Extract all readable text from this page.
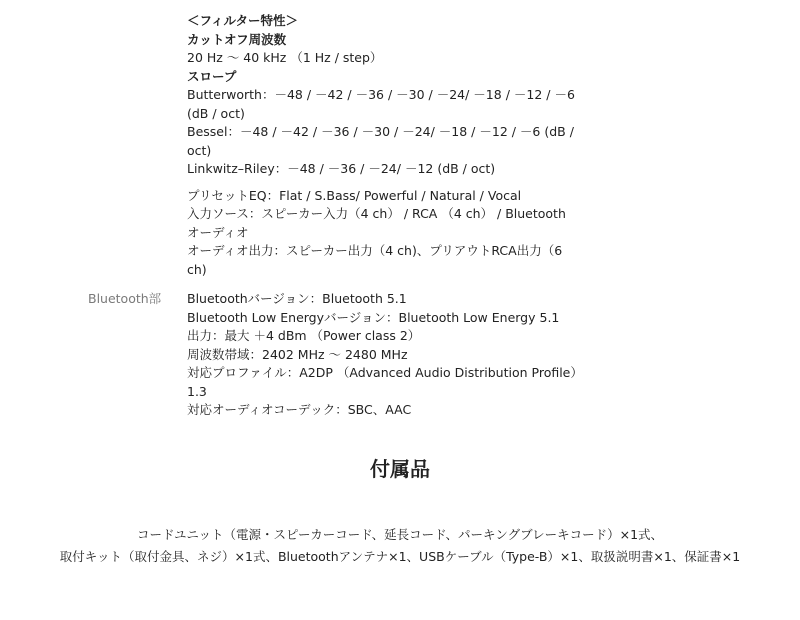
＜フィルター特性＞
カットオフ周波数
20 Hz ～ 40 kHz （1 Hz / step）
スロープ
Butterworth：－48 / －42 / －36 / －30 / －24/ －18 / －12 / －6
(dB / oct)
Bessel：－48 / －42 / －36 / －30 / －24/ －18 / －12 / －6 (dB /
oct)
Linkwitz–Riley：－48 / －36 / －24/ －12 (dB / oct)
プリセットEQ：Flat / S.Bass/ Powerful / Natural / Vocal
入力ソース：スピーカー入力（4 ch） / RCA （4 ch） / Bluetooth
オーディオ
オーディオ出力：スピーカー出力（4 ch)、プリアウトRCA出力（6
ch)
Bluetooth部 Bluetoothバージョン：Bluetooth 5.1
Bluetooth Low Energyバージョン：Bluetooth Low Energy 5.1
出力：最大 ＋4 dBm （Power class 2）
周波数帯域：2402 MHz ～ 2480 MHz
対応プロファイル：A2DP （Advanced Audio Distribution Profile）
1.3
対応オーディオコーデック：SBC、AAC
付属品
コードユニット（電源・スピーカーコード、延長コード、パーキングブレーキコード）×1式、
取付キット（取付金具、ネジ）×1式、Bluetoothアンテナ×1、USBケーブル（Type-B）×1、取扱説明書×1、保証書×1
